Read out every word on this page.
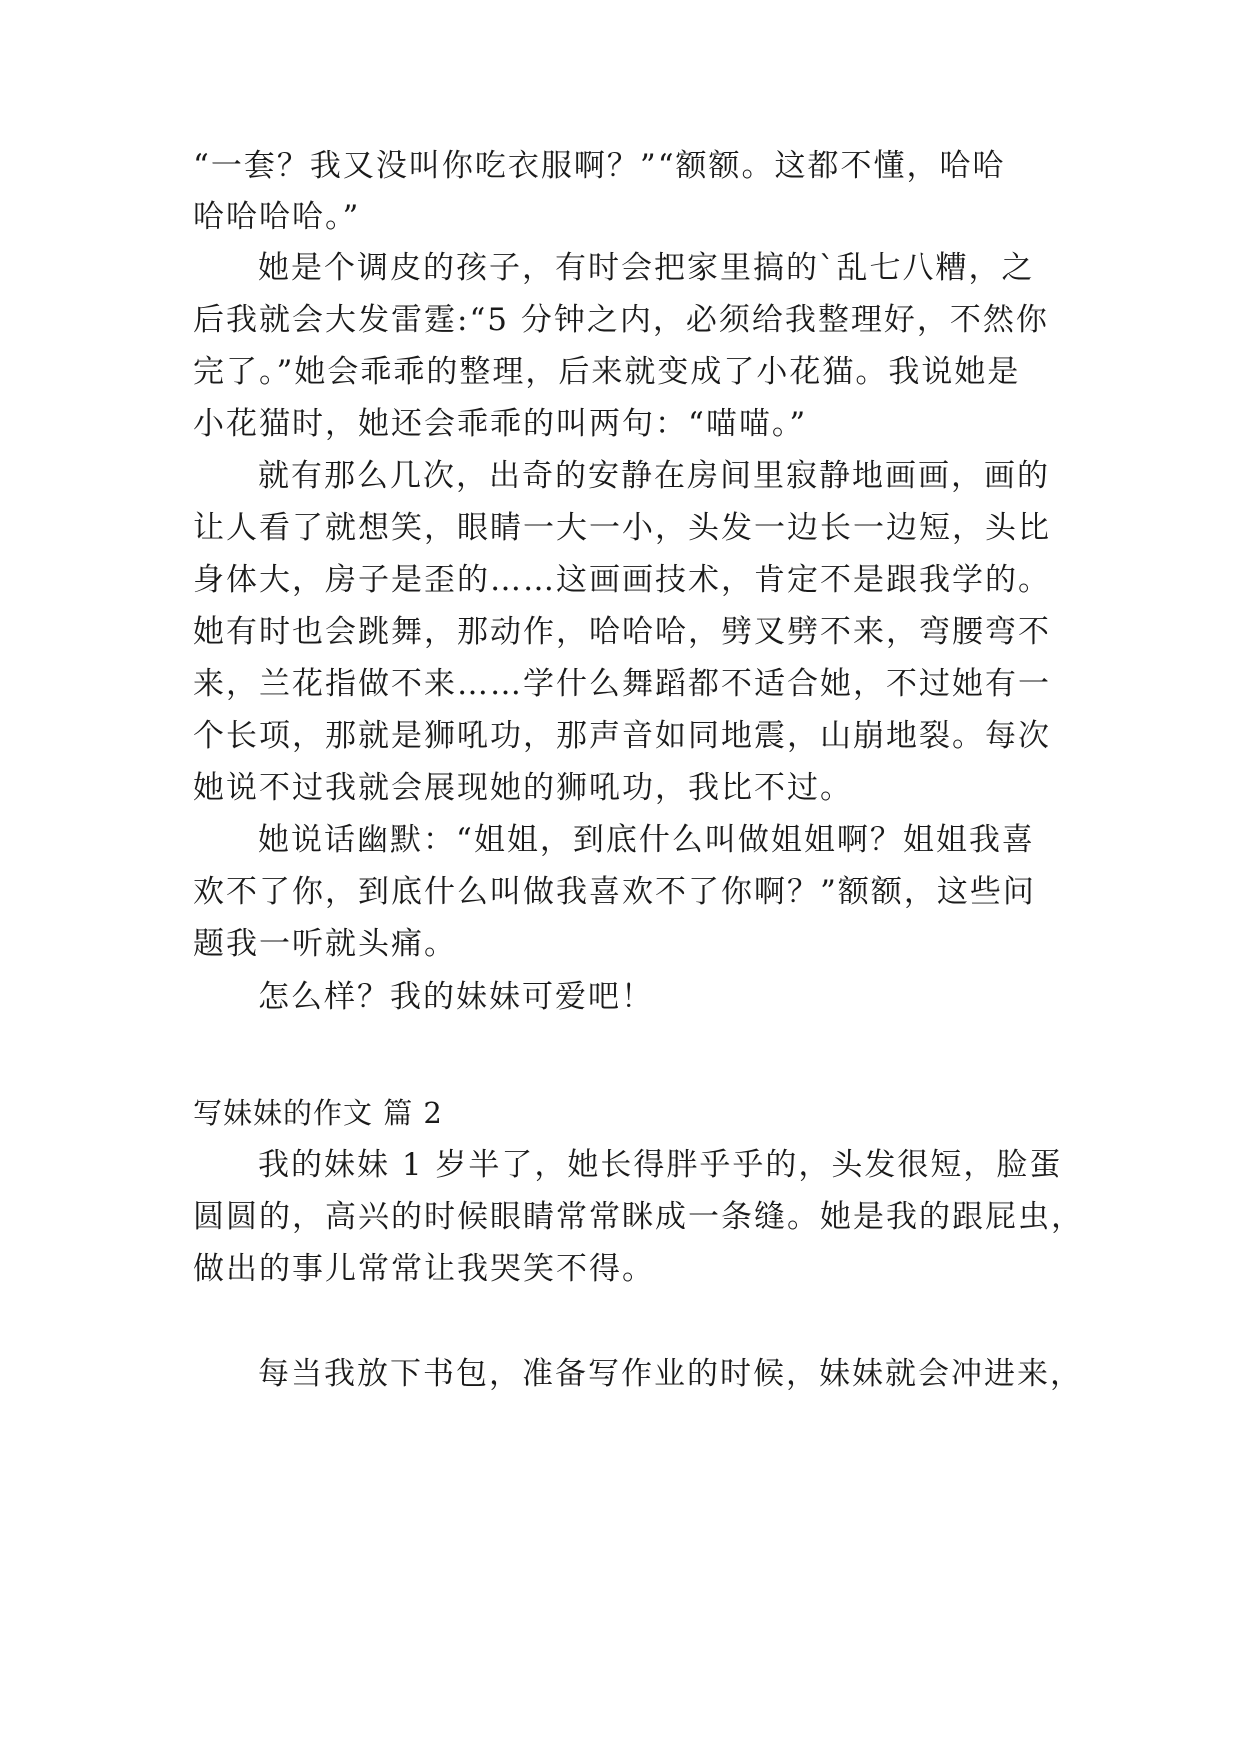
“一套？我又没叫你吃衣服啊？”“额额。这都不懂，哈哈
哈哈哈哈。”
她是个调皮的孩子，有时会把家里搞的`乱七八糟，之
后我就会大发雷霆:“5 分钟之内，必须给我整理好，不然你
完了。”她会乖乖的整理，后来就变成了小花猫。我说她是
小花猫时，她还会乖乖的叫两句：“喵喵。”
就有那么几次，出奇的安静在房间里寂静地画画，画的
让人看了就想笑，眼睛一大一小，头发一边长一边短，头比
身体大，房子是歪的……这画画技术，肯定不是跟我学的。
她有时也会跳舞，那动作，哈哈哈，劈叉劈不来，弯腰弯不
来，兰花指做不来……学什么舞蹈都不适合她，不过她有一
个长项，那就是狮吼功，那声音如同地震，山崩地裂。每次
她说不过我就会展现她的狮吼功，我比不过。
她说话幽默：“姐姐，到底什么叫做姐姐啊？姐姐我喜
欢不了你，到底什么叫做我喜欢不了你啊？”额额，这些问
题我一听就头痛。
怎么样？我的妹妹可爱吧！
写妹妹的作文 篇 2
我的妹妹 1 岁半了，她长得胖乎乎的，头发很短，脸蛋
圆圆的，高兴的时候眼睛常常眯成一条缝。她是我的跟屁虫，
做出的事儿常常让我哭笑不得。
每当我放下书包，准备写作业的时候，妹妹就会冲进来，
